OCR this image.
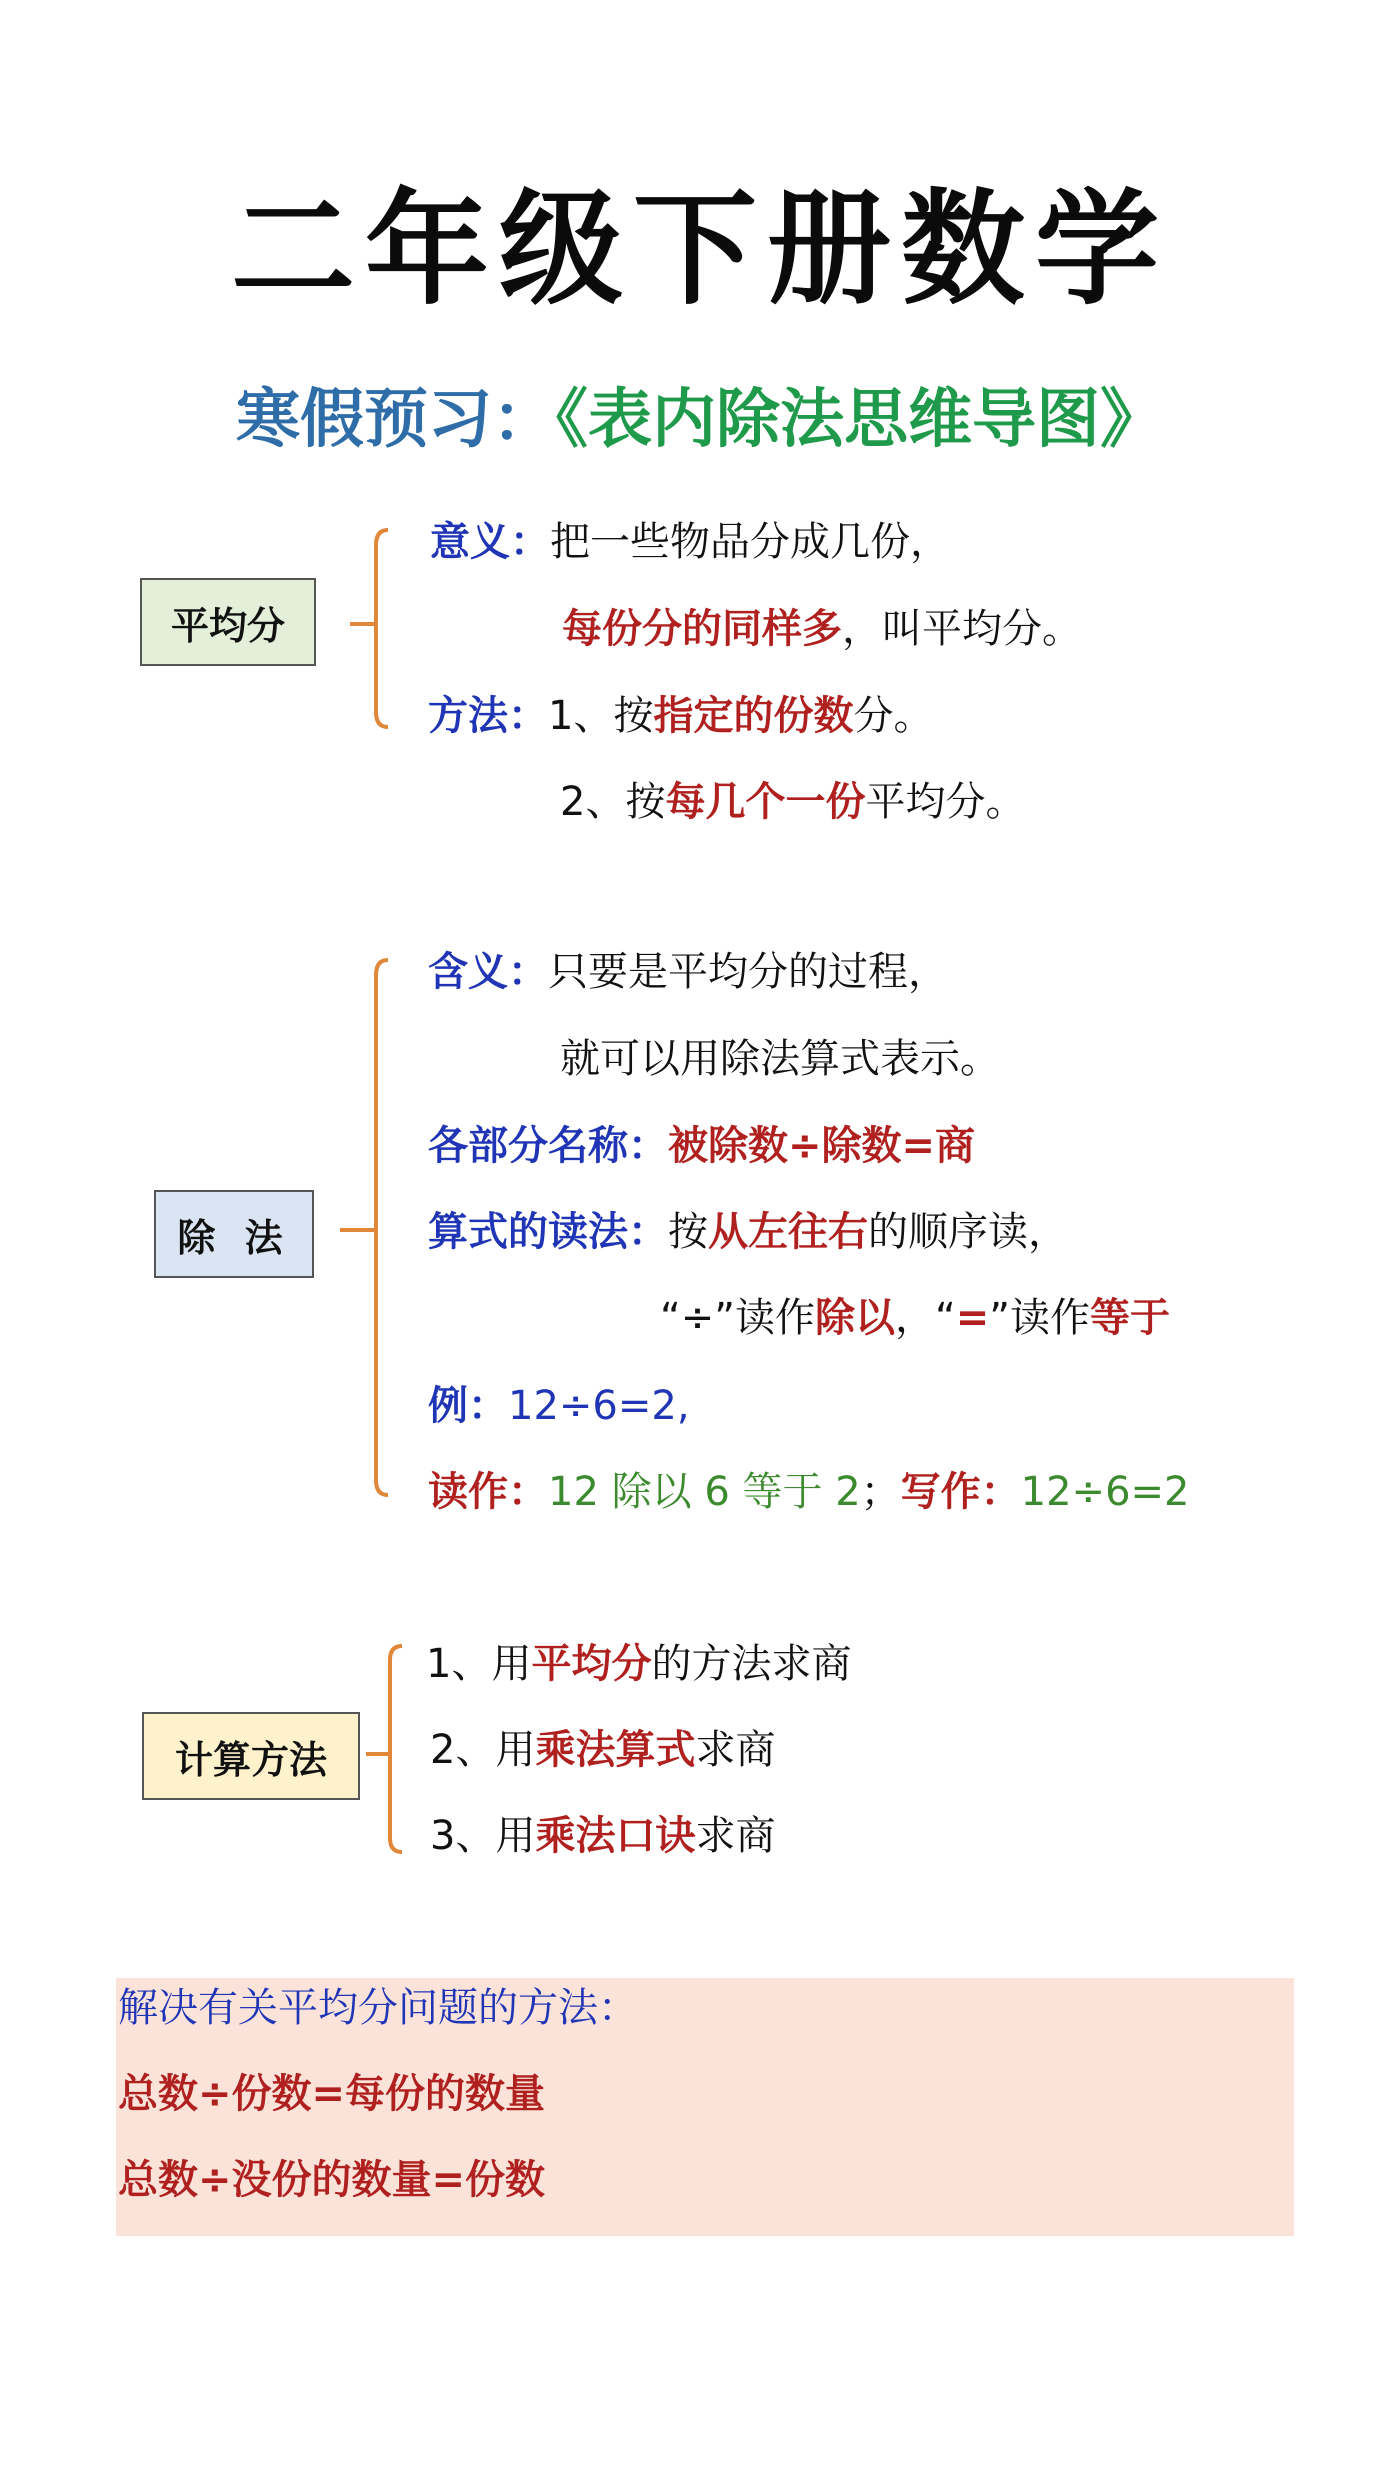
二年级下册数学
寒假预习：《表内除法思维导图》
平均分
意义：把一些物品分成几份，
每份分的同样多，叫平均分。
方法：1、按指定的份数分。
2、按每几个一份平均分。
除 法
含义：只要是平均分的过程，
就可以用除法算式表示。
各部分名称：被除数÷除数=商
算式的读法：按从左往右的顺序读，
“÷”读作除以，“=”读作等于
例：12÷6=2,
读作：12 除以 6 等于 2；写作：12÷6=2
计算方法
1、用平均分的方法求商
2、用乘法算式求商
3、用乘法口诀求商
解决有关平均分问题的方法：
总数÷份数=每份的数量
总数÷没份的数量=份数
